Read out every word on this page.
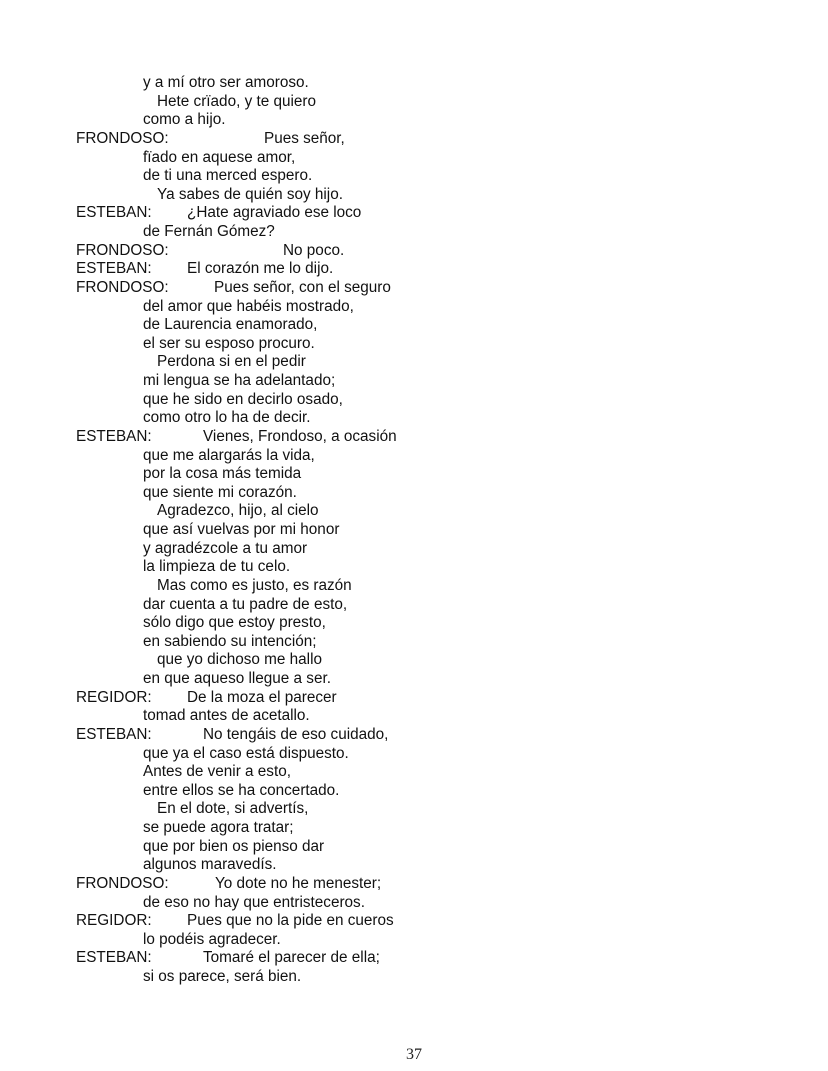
y a mí otro ser amoroso.
Hete crïado, y te quiero
como a hijo.
FRONDOSO:	Pues señor,
fïado en aquese amor,
de ti una merced espero.
Ya sabes de quién soy hijo.
ESTEBAN: ¿Hate agraviado ese loco
de Fernán Gómez?
FRONDOSO:	No poco.
ESTEBAN: El corazón me lo dijo.
FRONDOSO:	Pues señor, con el seguro
del amor que habéis mostrado,
de Laurencia enamorado,
el ser su esposo procuro.
Perdona si en el pedir
mi lengua se ha adelantado;
que he sido en decirlo osado,
como otro lo ha de decir.
ESTEBAN:	Vienes, Frondoso, a ocasión
que me alargarás la vida,
por la cosa más temida
que siente mi corazón.
Agradezco, hijo, al cielo
que así vuelvas por mi honor
y agradézcole a tu amor
la limpieza de tu celo.
Mas como es justo, es razón
dar cuenta a tu padre de esto,
sólo digo que estoy presto,
en sabiendo su intención;
que yo dichoso me hallo
en que aqueso llegue a ser.
REGIDOR: De la moza el parecer
tomad antes de acetallo.
ESTEBAN:	No tengáis de eso cuidado,
que ya el caso está dispuesto.
Antes de venir a esto,
entre ellos se ha concertado.
En el dote, si advertís,
se puede agora tratar;
que por bien os pienso dar
algunos maravedís.
FRONDOSO:	Yo dote no he menester;
de eso no hay que entristeceros.
REGIDOR: Pues que no la pide en cueros
lo podéis agradecer.
ESTEBAN:	Tomaré el parecer de ella;
si os parece, será bien.
37
